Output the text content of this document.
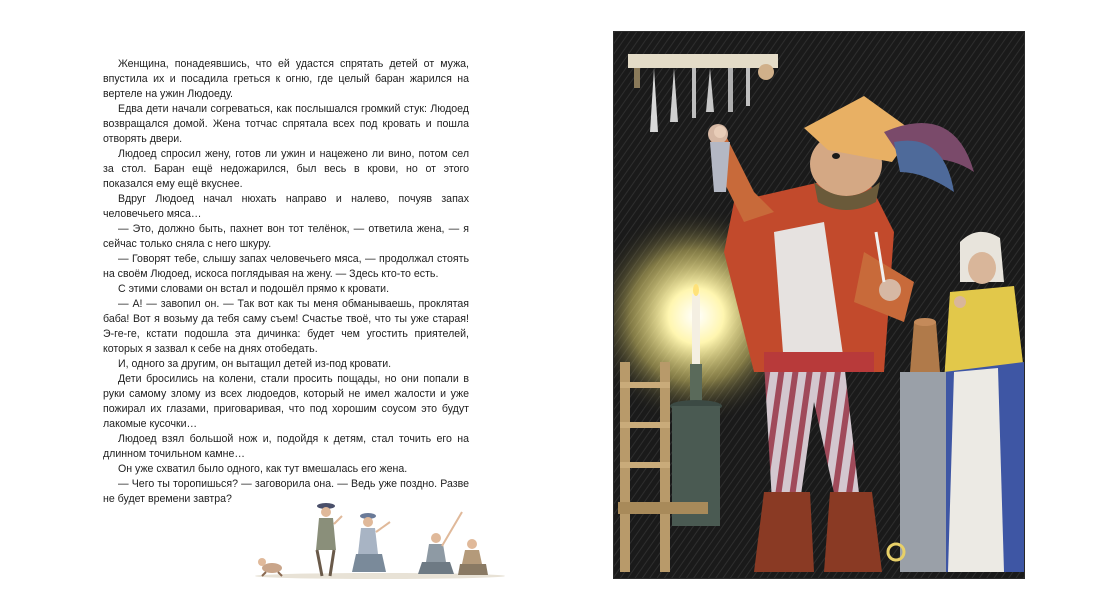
Женщина, понадеявшись, что ей удастся спрятать детей от мужа, впустила их и посадила греться к огню, где целый баран жарился на вертеле на ужин Людоеду.

Едва дети начали согреваться, как послышался громкий стук: Людоед возвращался домой. Жена тотчас спрятала всех под кровать и пошла отворять двери.

Людоед спросил жену, готов ли ужин и нацежено ли вино, потом сел за стол. Баран ещё недожарился, был весь в крови, но от этого показался ему ещё вкуснее.

Вдруг Людоед начал нюхать направо и налево, почуяв запах человечьего мяса…

— Это, должно быть, пахнет вон тот телёнок, — ответила жена, — я сейчас только сняла с него шкуру.

— Говорят тебе, слышу запах человечьего мяса, — продолжал стоять на своём Людоед, искоса поглядывая на жену. — Здесь кто-то есть.

С этими словами он встал и подошёл прямо к кровати.

— А! — завопил он. — Так вот как ты меня обманываешь, проклятая баба! Вот я возьму да тебя саму съем! Счастье твоё, что ты уже старая! Э-ге-ге, кстати подошла эта дичинка: будет чем угостить приятелей, которых я зазвал к себе на днях отобедать.

И, одного за другим, он вытащил детей из-под кровати.

Дети бросились на колени, стали просить пощады, но они попали в руки самому злому из всех людоедов, который не имел жалости и уже пожирал их глазами, приговаривая, что под хорошим соусом это будут лакомые кусочки…

Людоед взял большой нож и, подойдя к детям, стал точить его на длинном точильном камне…

Он уже схватил было одного, как тут вмешалась его жена.

— Чего ты торопишься? — заговорила она. — Ведь уже поздно. Разве не будет времени завтра?
